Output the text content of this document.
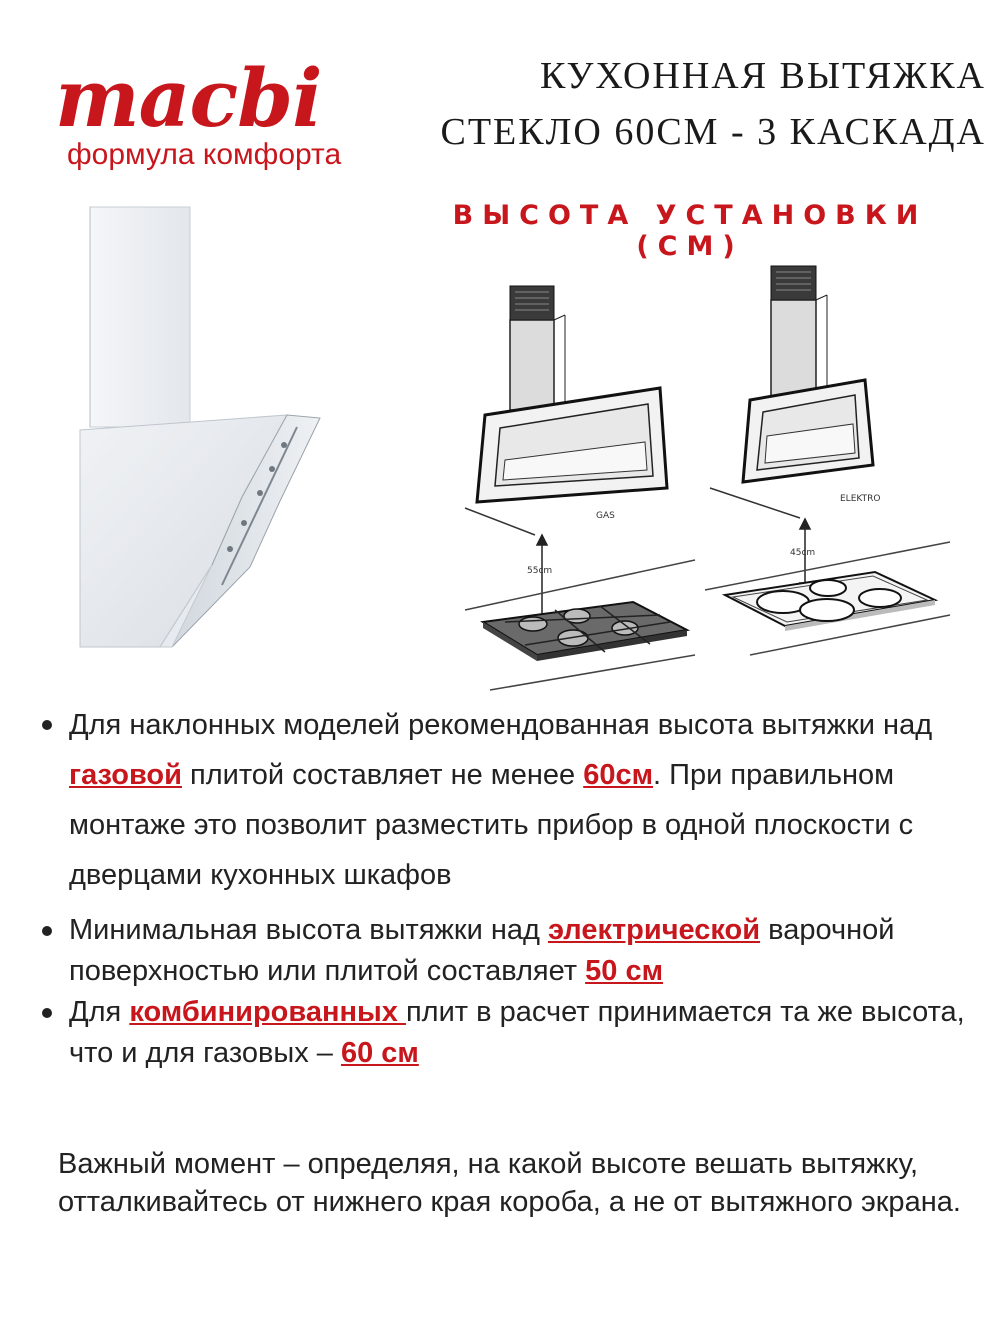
macbi
формула комфорта
КУХОННАЯ ВЫТЯЖКА
СТЕКЛО 60СМ - 3 КАСКАДА
ВЫСОТА УСТАНОВКИ (СМ)
GAS
55cm
ELEKTRO
45cm
Для наклонных моделей рекомендованная высота вытяжки над газовой плитой составляет не менее 60см. При правильном монтаже это позволит разместить прибор в одной плоскости с дверцами кухонных шкафов
Минимальная высота вытяжки над электрической варочной поверхностью или плитой составляет 50 см
Для комбинированных плит в расчет принимается та же высота, что и для газовых – 60 см

Важный момент – определяя, на какой высоте вешать вытяжку, отталкивайтесь от нижнего края короба, а не от вытяжного экрана.
